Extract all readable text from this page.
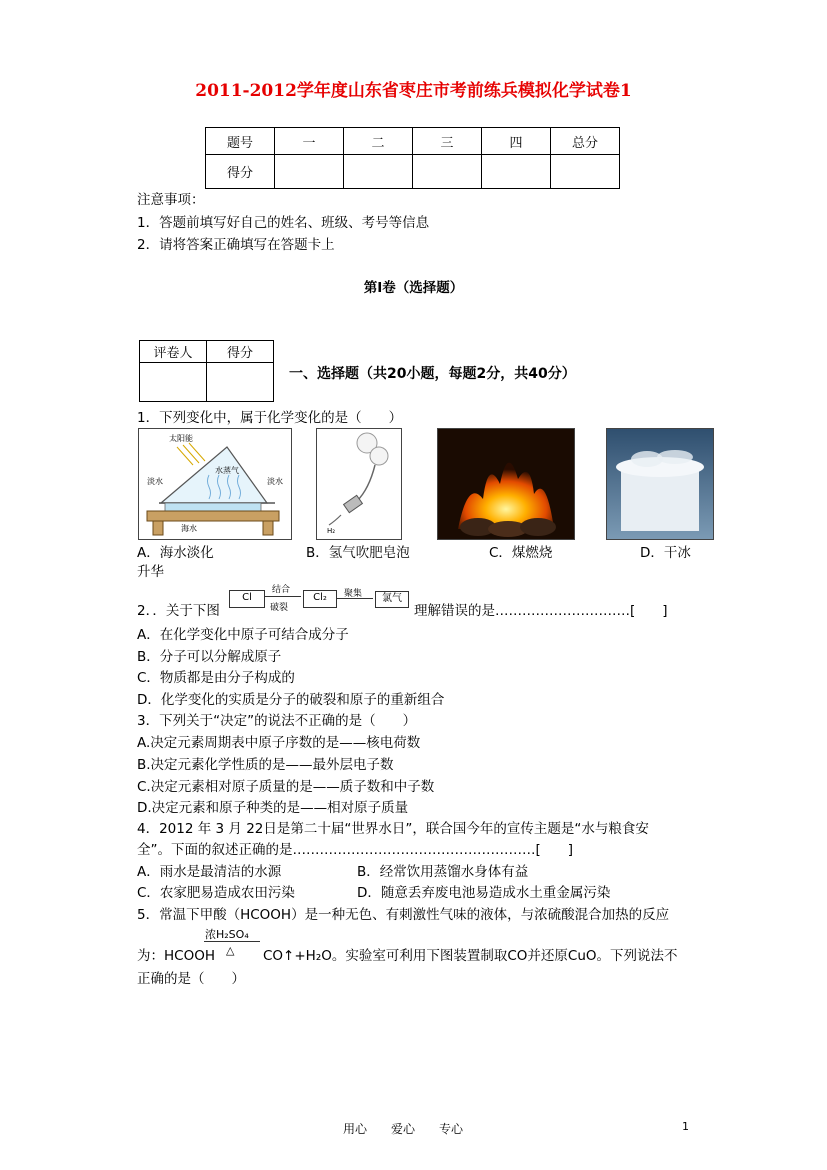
2011-2012学年度山东省枣庄市考前练兵模拟化学试卷1
题号	一	二	三	四	总分
得分					
注意事项：
1．答题前填写好自己的姓名、班级、考号等信息
2．请将答案正确填写在答题卡上
第I卷（选择题）
评卷人	得分

一、选择题（共20小题，每题2分，共40分）
1．下列变化中，属于化学变化的是（　　）
太阳能
淡水
水蒸气
淡水
海水	H₂
A．海水淡化	B．氢气吹肥皂泡	C．煤燃烧	D．干冰
升华
2．．关于下图
Cl
结合
破裂
Cl₂	聚集	氯气
理解错误的是…………………………[　　]
A．在化学变化中原子可结合成分子
B．分子可以分解成原子
C．物质都是由分子构成的
D．化学变化的实质是分子的破裂和原子的重新组合
3．下列关于“决定”的说法不正确的是（　　）
A.决定元素周期表中原子序数的是——核电荷数
B.决定元素化学性质的是——最外层电子数
C.决定元素相对原子质量的是——质子数和中子数
D.决定元素和原子种类的是——相对原子质量
4．2012 年 3 月 22日是第二十届“世界水日”，联合国今年的宣传主题是“水与粮食安
全”。下面的叙述正确的是………………………………………………[　　]
A．雨水是最清洁的水源	B．经常饮用蒸馏水身体有益
C．农家肥易造成农田污染	D．随意丢弃废电池易造成水土重金属污染
5．常温下甲酸（HCOOH）是一种无色、有刺激性气味的液体，与浓硫酸混合加热的反应
浓H₂SO₄
△
为：HCOOH	CO↑+H₂O。实验室可利用下图装置制取CO并还原CuO。下列说法不
正确的是（　　）
用心　　爱心　　专心	1
